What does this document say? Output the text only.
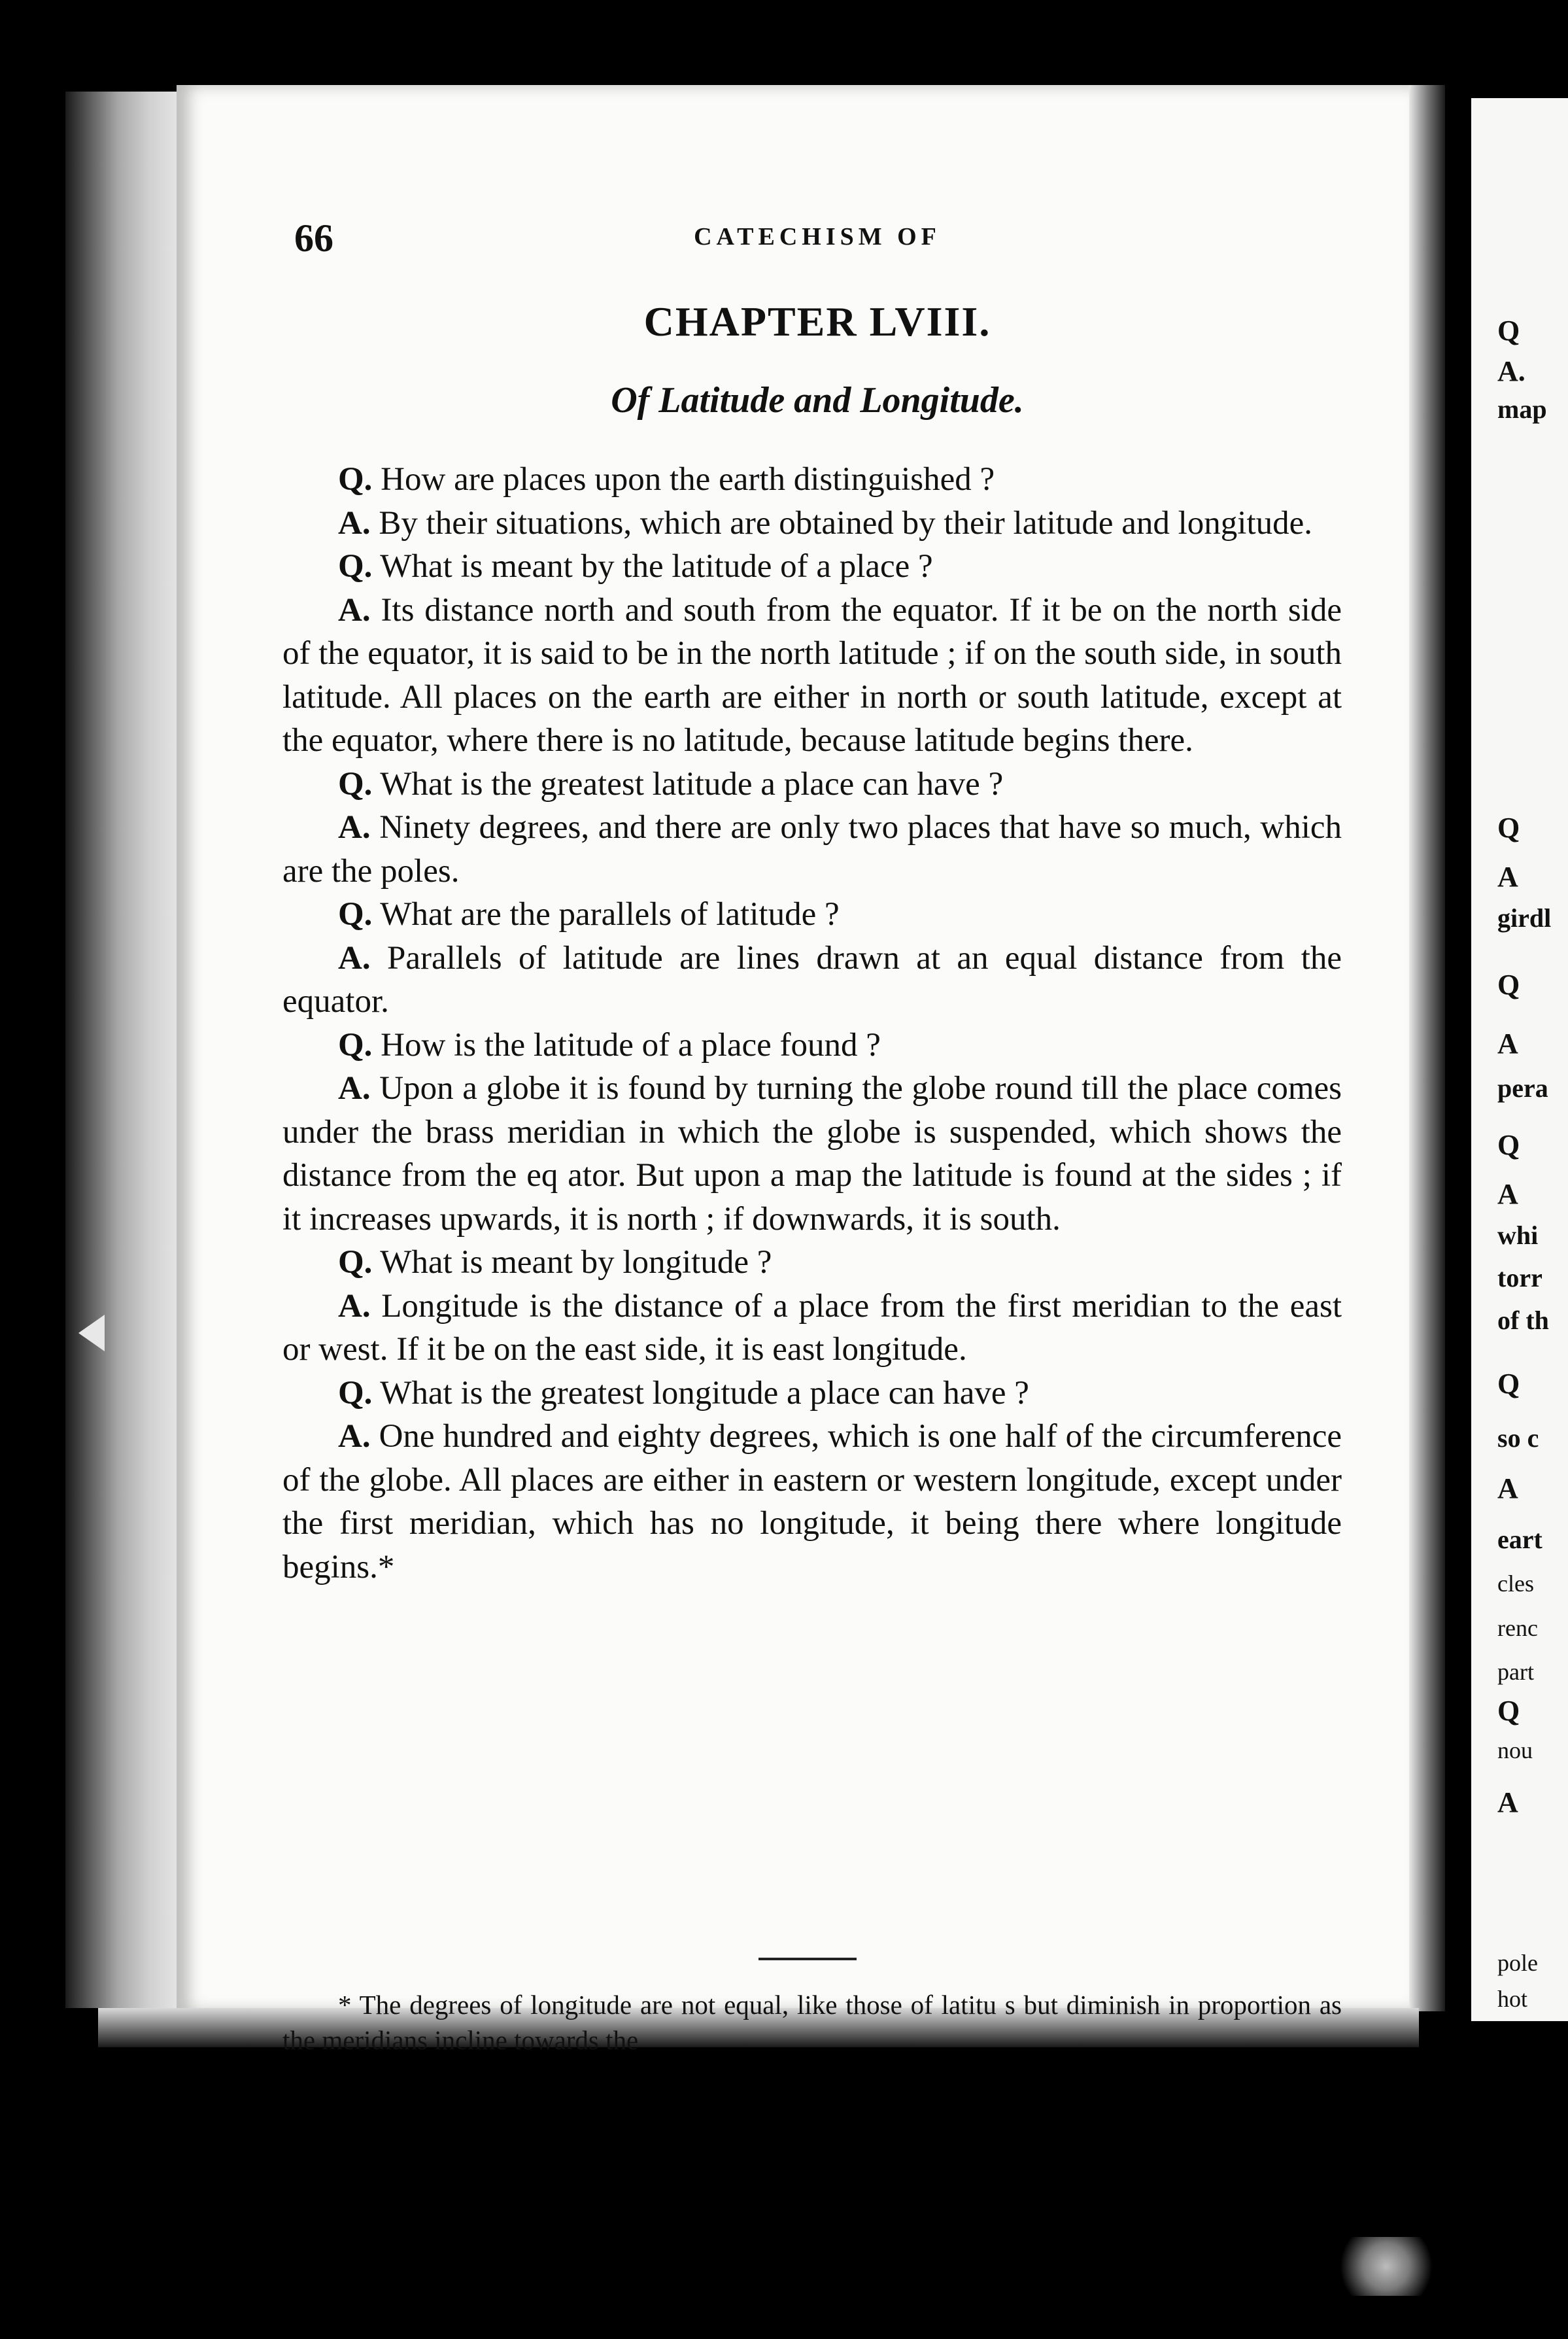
Q
A.
map
Q
A
girdl
Q
A
pera
Q
A
whi
torr
of th
Q
so c
A
eart
cles
renc
part
Q
nou
A
pole
hot
66	CATECHISM OF
CHAPTER LVIII.
Of Latitude and Longitude.

Q. How are places upon the earth distinguished ?

A. By their situations, which are obtained by their latitude and longitude.

Q. What is meant by the latitude of a place ?

A. Its distance north and south from the equator. If it be on the north side of the equator, it is said to be in the north latitude ; if on the south side, in south latitude. All places on the earth are either in north or south latitude, except at the equator, where there is no latitude, because latitude begins there.

Q. What is the greatest latitude a place can have ?

A. Ninety degrees, and there are only two places that have so much, which are the poles.

Q. What are the parallels of latitude ?

A. Parallels of latitude are lines drawn at an equal distance from the equator.

Q. How is the latitude of a place found ?

A. Upon a globe it is found by turning the globe round till the place comes under the brass meridian in which the globe is suspended, which shows the distance from the eq ator. But upon a map the latitude is found at the sides ; if it increases upwards, it is north ; if downwards, it is south.

Q. What is meant by longitude ?

A. Longitude is the distance of a place from the first meridian to the east or west. If it be on the east side, it is east longitude.

Q. What is the greatest longitude a place can have ?

A. One hundred and eighty degrees, which is one half of the circumference of the globe. All places are either in eastern or western longitude, except under the first meridian, which has no longitude, it being there where longitude begins.*

* The degrees of longitude are not equal, like those of latitu s but diminish in proportion as the meridians incline towards the
